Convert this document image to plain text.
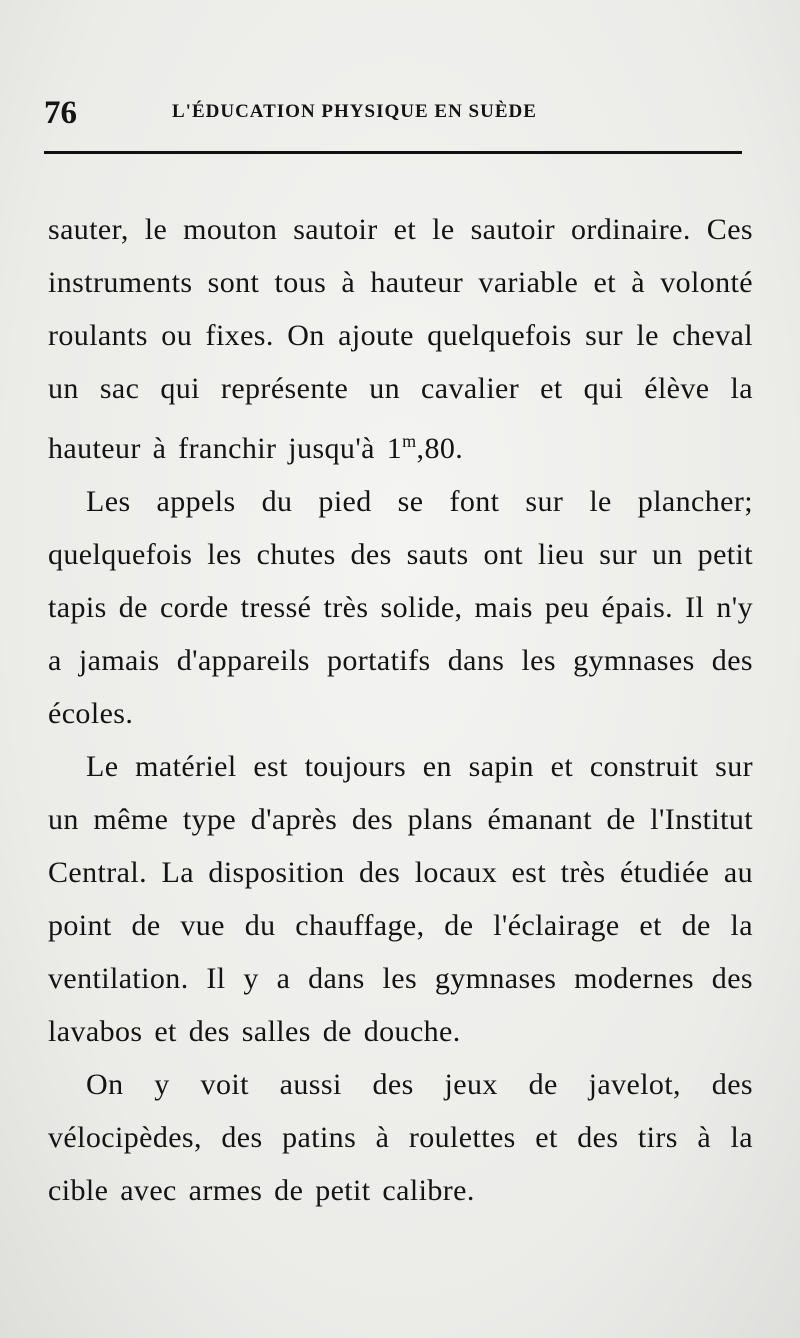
76	L'ÉDUCATION PHYSIQUE EN SUÈDE

sauter, le mouton sautoir et le sautoir ordinaire. Ces instruments sont tous à hauteur variable et à volonté roulants ou fixes. On ajoute quelquefois sur le cheval un sac qui représente un cavalier et qui élève la hauteur à franchir jusqu'à 1$^m$,80.

Les appels du pied se font sur le plancher; quelquefois les chutes des sauts ont lieu sur un petit tapis de corde tressé très solide, mais peu épais. Il n'y a jamais d'appareils portatifs dans les gymnases des écoles.

Le matériel est toujours en sapin et construit sur un même type d'après des plans émanant de l'Institut Central. La disposition des locaux est très étudiée au point de vue du chauffage, de l'éclairage et de la ventilation. Il y a dans les gymnases modernes des lavabos et des salles de douche.

On y voit aussi des jeux de javelot, des vélocipèdes, des patins à roulettes et des tirs à la cible avec armes de petit calibre.
